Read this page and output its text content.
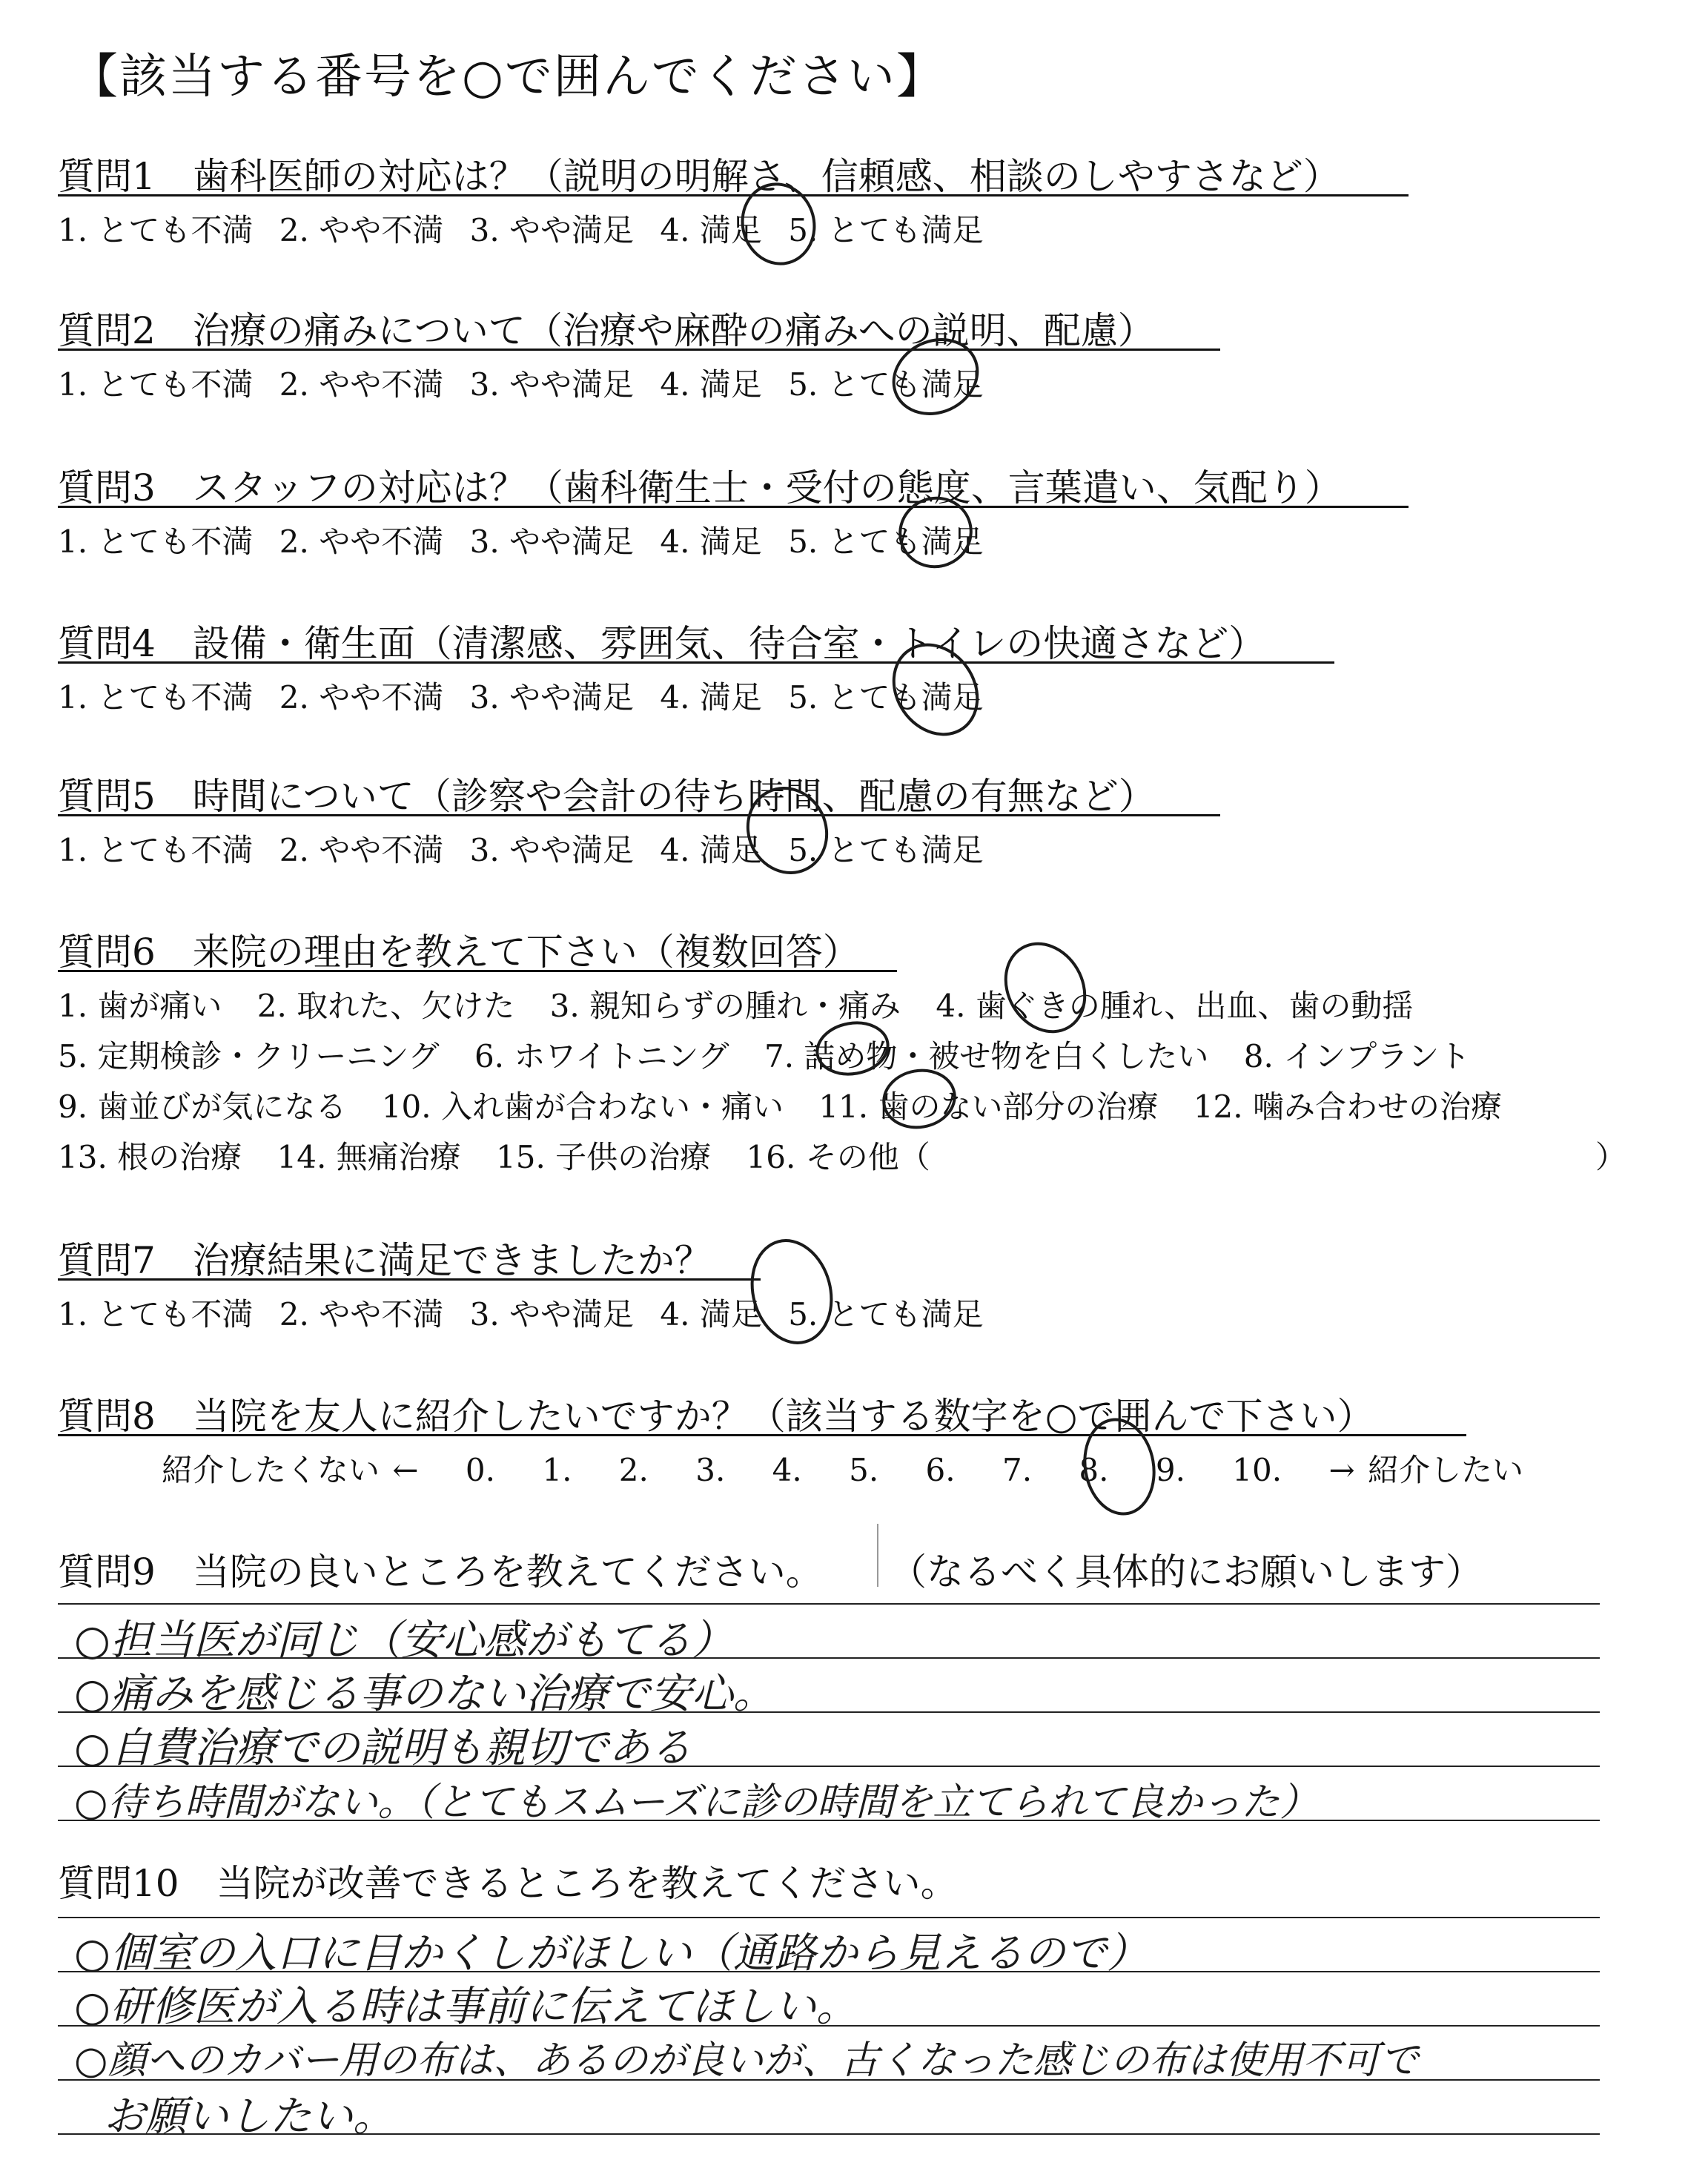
【該当する番号を○で囲んでください】
質問1　歯科医師の対応は？（説明の明解さ、信頼感、相談のしやすさなど）
1. とても不満 2. やや不満 3. やや満足 4. 満足 5. とても満足
質問2　治療の痛みについて（治療や麻酔の痛みへの説明、配慮）
1. とても不満 2. やや不満 3. やや満足 4. 満足 5. とても満足
質問3　スタッフの対応は？（歯科衛生士・受付の態度、言葉遣い、気配り）
1. とても不満 2. やや不満 3. やや満足 4. 満足 5. とても満足
質問4　設備・衛生面（清潔感、雰囲気、待合室・トイレの快適さなど）
1. とても不満 2. やや不満 3. やや満足 4. 満足 5. とても満足
質問5　時間について（診察や会計の待ち時間、配慮の有無など）
1. とても不満 2. やや不満 3. やや満足 4. 満足 5. とても満足
質問6　来院の理由を教えて下さい（複数回答）
1. 歯が痛い 2. 取れた、欠けた 3. 親知らずの腫れ・痛み 4. 歯ぐきの腫れ、出血、歯の動揺
5. 定期検診・クリーニング 6. ホワイトニング 7. 詰め物・被せ物を白くしたい 8. インプラント
9. 歯並びが気になる 10. 入れ歯が合わない・痛い 11. 歯のない部分の治療 12. 噛み合わせの治療
13. 根の治療 14. 無痛治療 15. 子供の治療 16. その他（	）
質問7　治療結果に満足できましたか？
1. とても不満 2. やや不満 3. やや満足 4. 満足 5. とても満足
質問8　当院を友人に紹介したいですか？（該当する数字を○で囲んで下さい）
紹介したくない ← 0. 1. 2. 3. 4. 5. 6. 7. 8. 9. 10. → 紹介したい
質問9　当院の良いところを教えてください。 （なるべく具体的にお願いします）
○担当医が同じ（安心感がもてる）
○痛みを感じる事のない治療で安心。
○自費治療での説明も親切である
○待ち時間がない。（とてもスムーズに診の時間を立てられて良かった）
質問10　当院が改善できるところを教えてください。
○個室の入口に目かくしがほしい（通路から見えるので）
○研修医が入る時は事前に伝えてほしい。
○顔へのカバー用の布は、あるのが良いが、古くなった感じの布は使用不可で
お願いしたい。
